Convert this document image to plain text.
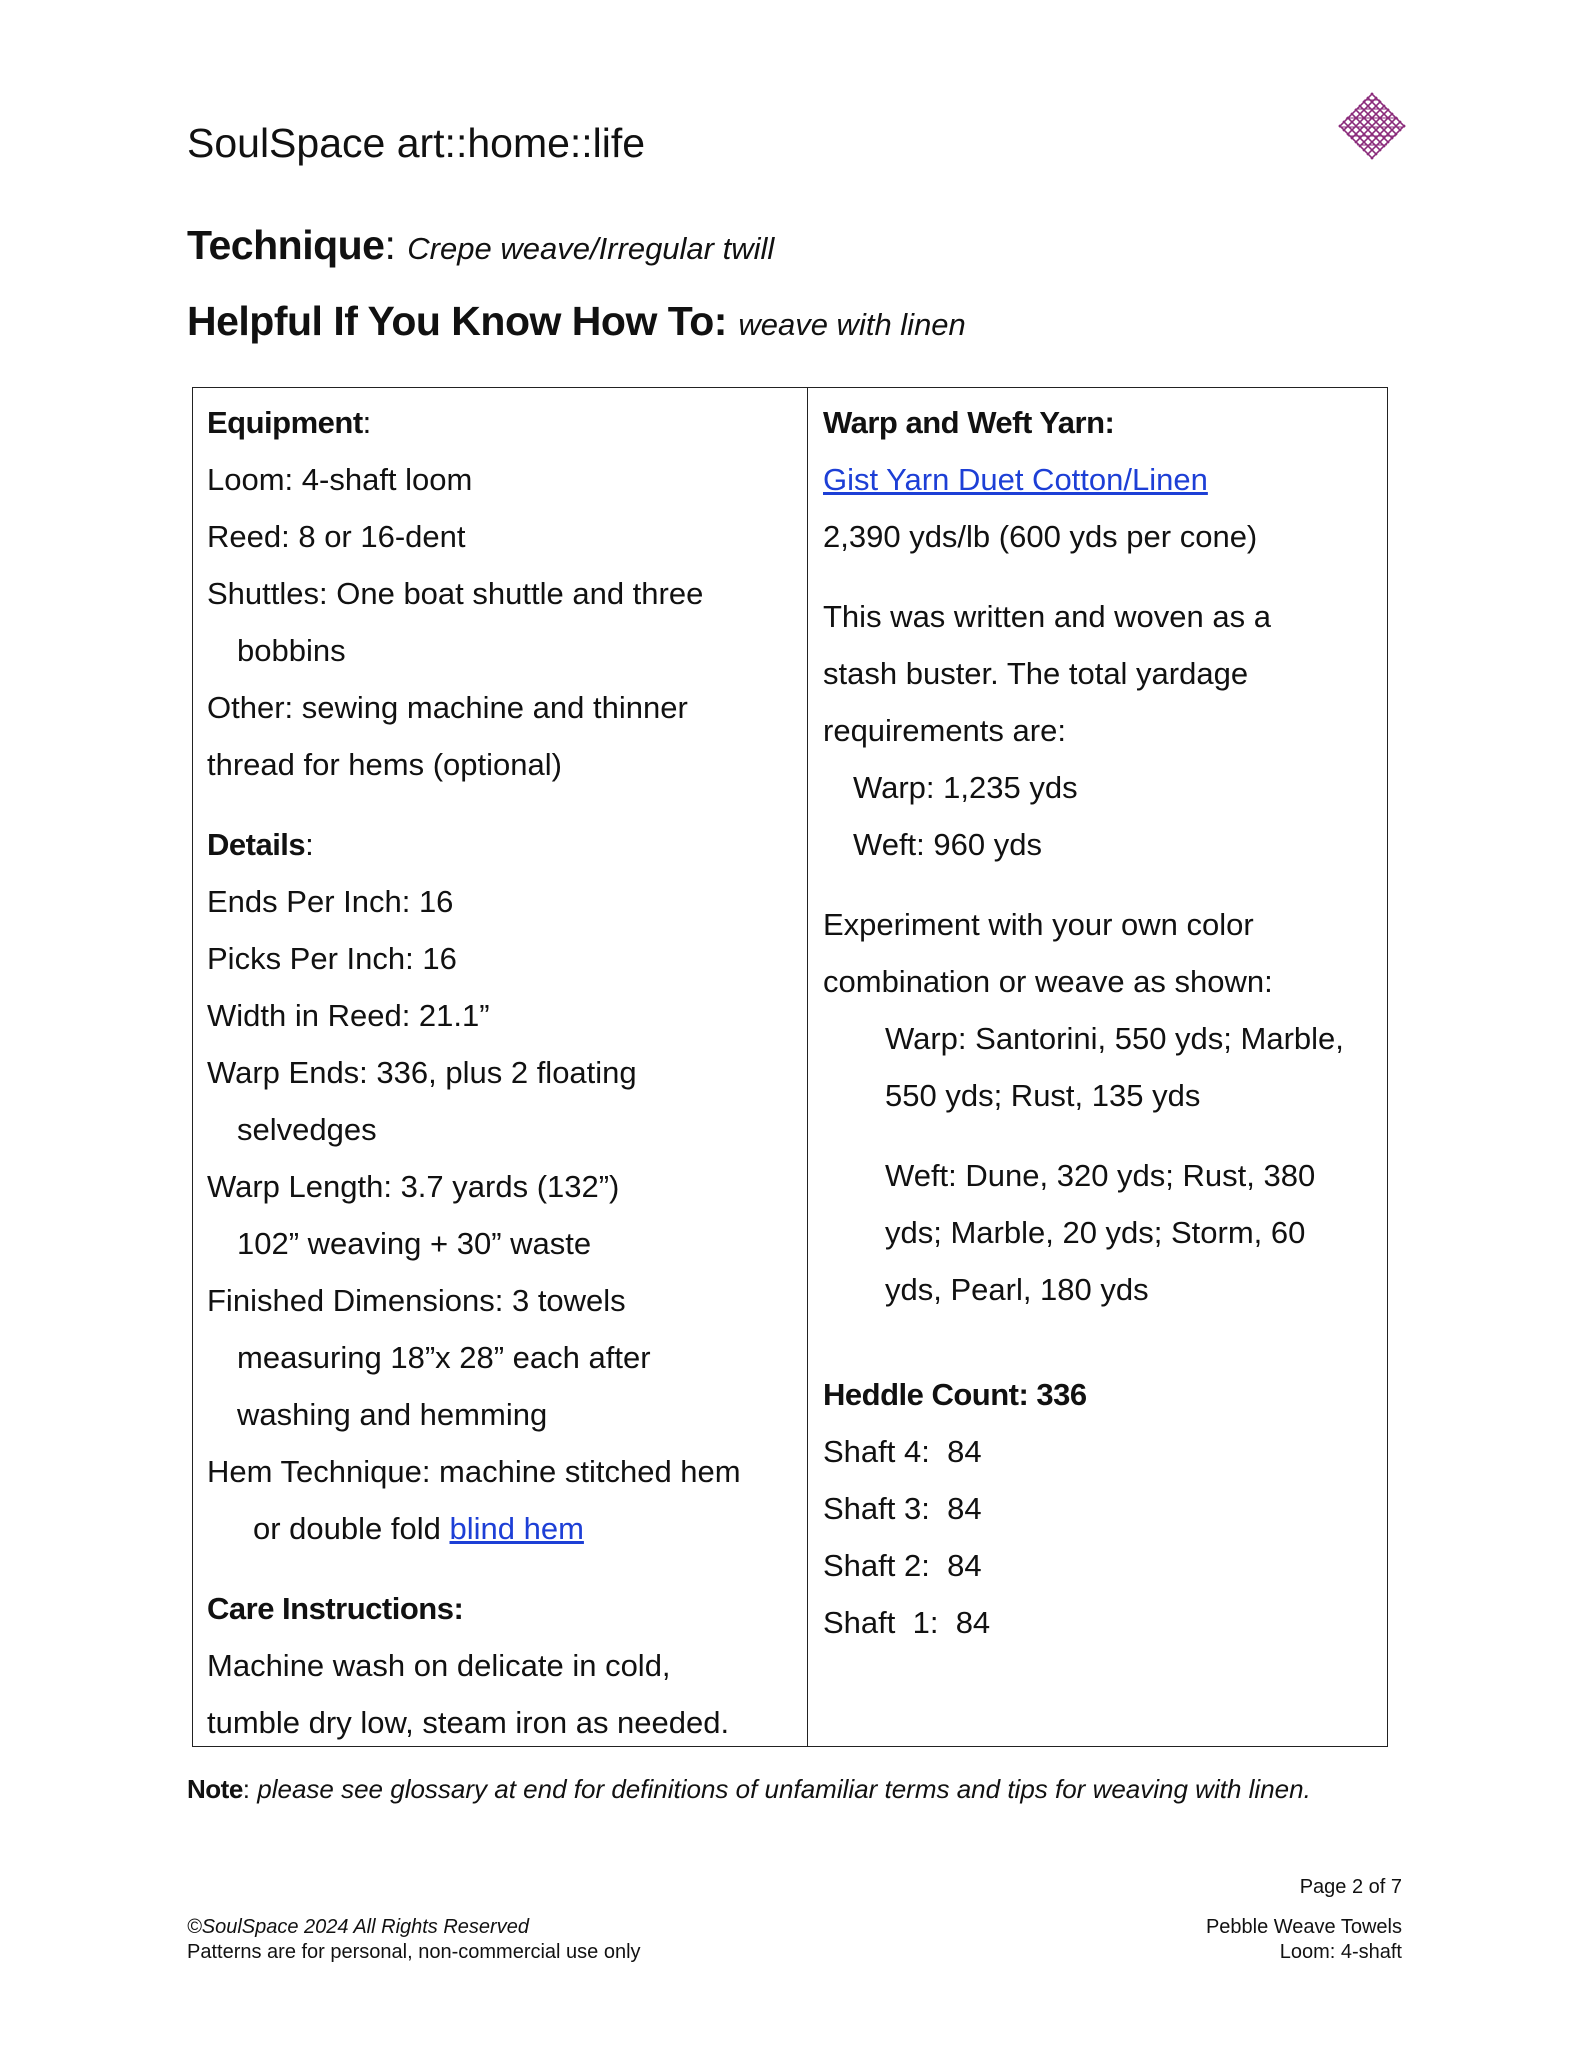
SoulSpace art::home::life
Technique: Crepe weave/Irregular twill
Helpful If You Know How To: weave with linen
Equipment:
Loom: 4-shaft loom
Reed: 8 or 16-dent
Shuttles: One boat shuttle and three
bobbins
Other: sewing machine and thinner
thread for hems (optional)
Details:
Ends Per Inch: 16
Picks Per Inch: 16
Width in Reed: 21.1”
Warp Ends: 336, plus 2 floating
selvedges
Warp Length: 3.7 yards (132”)
102” weaving + 30” waste
Finished Dimensions: 3 towels
measuring 18”x 28” each after
washing and hemming
Hem Technique: machine stitched hem
or double fold blind hem
Care Instructions:
Machine wash on delicate in cold,
tumble dry low, steam iron as needed.
Warp and Weft Yarn:
Gist Yarn Duet Cotton/Linen
2,390 yds/lb (600 yds per cone)
This was written and woven as a
stash buster. The total yardage
requirements are:
Warp: 1,235 yds
Weft: 960 yds
Experiment with your own color
combination or weave as shown:
Warp: Santorini, 550 yds; Marble,
550 yds; Rust, 135 yds
Weft: Dune, 320 yds; Rust, 380
yds; Marble, 20 yds; Storm, 60
yds, Pearl, 180 yds
Heddle Count: 336
Shaft 4:  84
Shaft 3:  84
Shaft 2:  84
Shaft  1:  84
Note: please see glossary at end for definitions of unfamiliar terms and tips for weaving with linen.
Page 2 of 7
©SoulSpace 2024 All Rights Reserved
Patterns are for personal, non-commercial use only
Pebble Weave Towels
Loom: 4-shaft
